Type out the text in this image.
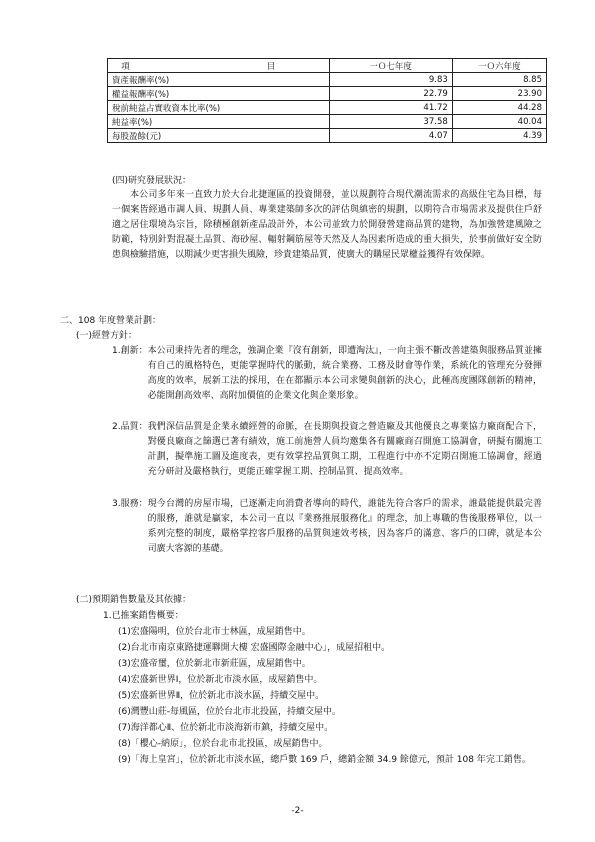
項　　目	一Ｏ七年度	一Ｏ六年度
資產報酬率(%)	9.83	8.85
權益報酬率(%)	22.79	23.90
稅前純益占實收資本比率(%)	41.72	44.28
純益率(%)	37.58	40.04
每股盈餘(元)	4.07	4.39
(四)研究發展狀況：
本公司多年來一直致力於大台北捷運區的投資開發，並以規劃符合現代潮流需求的高級住宅為目標，每一個案皆經過市調人員、規劃人員、專業建築師多次的評估與縝密的規劃，以期符合市場需求及提供住戶舒適之居住環境為宗旨，除積極創新產品設計外，本公司並致力於開發營建商品質的建物，為加強營建風險之防範，特別針對混凝土品質、海砂屋、輻射鋼筋屋等天然及人為因素所造成的重大損失，於事前做好安全防患與檢驗措施，以期減少更害損失風險，珍貴建築品質，使廣大的購屋民眾權益獲得有效保障。
二、108 年度營業計劃：
(一)經營方針：
1.創新： 本公司秉持先者的理念，強調企業『沒有創新，即遭淘汰』，一向主張不斷改善建築與服務品質並擁有自己的風格特色，更能掌握時代的脈動，統合業務、工務及財會等作業，系統化的管理充分發揮高度的效率，展新工法的採用，在在都顯示本公司求變與創新的決心，此種高度團隊創新的精神，必能開創高效率、高附加價值的企業文化與企業形象。
2.品質： 我們深信品質是企業永續經營的命脈，在長期與投資之營造廠及其他優良之專業協力廠商配合下，對優良廠商之篩選已著有績效，施工前施營人員均邀集各有關廠商召開施工協調會，研擬有關施工計劃，擬準施工圖及進度表，更有效掌控品質與工期，工程進行中亦不定期召開施工協調會，經過充分研討及嚴格執行，更能正確掌握工期、控制品質、提高效率。
3.服務： 現今台灣的房屋市場，已逐漸走向消費者導向的時代，誰能先符合客戶的需求，誰最能提供最完善的服務，誰就是贏家，本公司一直以『業務推展服務化』的理念，加上專職的售後服務單位，以一系列完整的制度，嚴格掌控客戶服務的品質與速效考核，因為客戶的滿意、客戶的口碑，就是本公司廣大客源的基礎。
(二)預期銷售數量及其依據：
1.已推案銷售概要：
(1) 宏盛陽明，位於台北市士林區，成屋銷售中。
(2) 台北市南京東路捷運聯開大樓 宏盛國際金融中心」，成屋招租中。
(3) 宏盛帝璽，位於新北市新莊區，成屋銷售中。
(4) 宏盛新世界Ⅰ，位於新北市淡水區，成屋銷售中。
(5) 宏盛新世界Ⅱ，位於新北市淡水區，持續交屋中。
(6) 灣豐山莊-每風區，位於台北市北投區，持續交屋中。
(7) 海洋都心Ⅱ、位於新北市淡海新市鎮，持續交屋中。
(8) 「櫻心-納原」，位於台北市北投區，成屋銷售中。
(9) 「海上皇宮」，位於新北市淡水區，總戶數 169 戶，總銷金額 34.9 餘億元，預計 108 年完工銷售。
-2-
